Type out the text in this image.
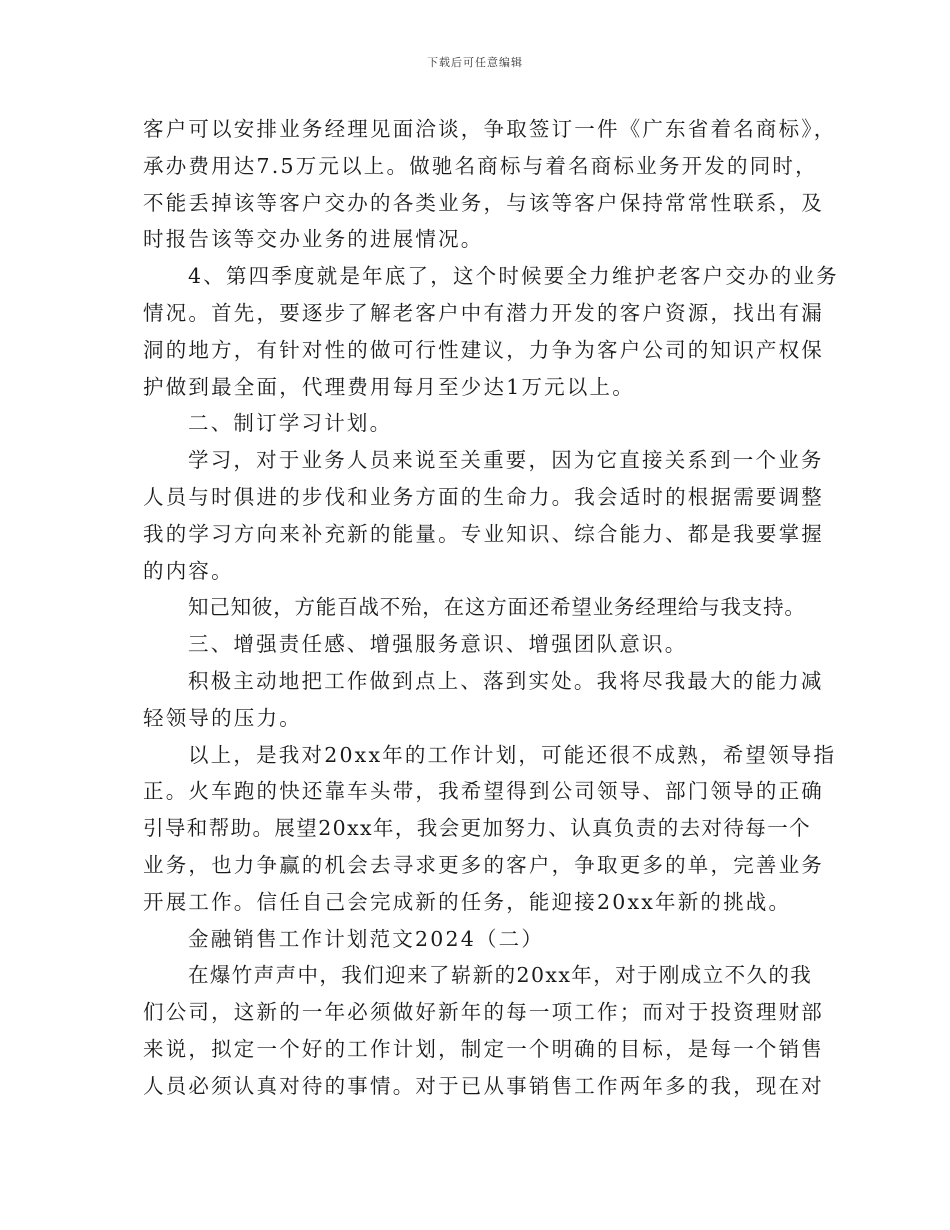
下载后可任意编辑
客户可以安排业务经理见面洽谈，争取签订一件《广东省着名商标》，
承办费用达7.5万元以上。做驰名商标与着名商标业务开发的同时，
不能丢掉该等客户交办的各类业务，与该等客户保持常常性联系，及
时报告该等交办业务的进展情况。
4、第四季度就是年底了，这个时候要全力维护老客户交办的业务
情况。首先，要逐步了解老客户中有潜力开发的客户资源，找出有漏
洞的地方，有针对性的做可行性建议，力争为客户公司的知识产权保
护做到最全面，代理费用每月至少达1万元以上。
二、制订学习计划。
学习，对于业务人员来说至关重要，因为它直接关系到一个业务
人员与时俱进的步伐和业务方面的生命力。我会适时的根据需要调整
我的学习方向来补充新的能量。专业知识、综合能力、都是我要掌握
的内容。
知己知彼，方能百战不殆，在这方面还希望业务经理给与我支持。
三、增强责任感、增强服务意识、增强团队意识。
积极主动地把工作做到点上、落到实处。我将尽我最大的能力减
轻领导的压力。
以上，是我对20xx年的工作计划，可能还很不成熟，希望领导指
正。火车跑的快还靠车头带，我希望得到公司领导、部门领导的正确
引导和帮助。展望20xx年，我会更加努力、认真负责的去对待每一个
业务，也力争赢的机会去寻求更多的客户，争取更多的单，完善业务
开展工作。信任自己会完成新的任务，能迎接20xx年新的挑战。
金融销售工作计划范文2024（二）
在爆竹声声中，我们迎来了崭新的20xx年，对于刚成立不久的我
们公司，这新的一年必须做好新年的每一项工作；而对于投资理财部
来说，拟定一个好的工作计划，制定一个明确的目标，是每一个销售
人员必须认真对待的事情。对于已从事销售工作两年多的我，现在对
